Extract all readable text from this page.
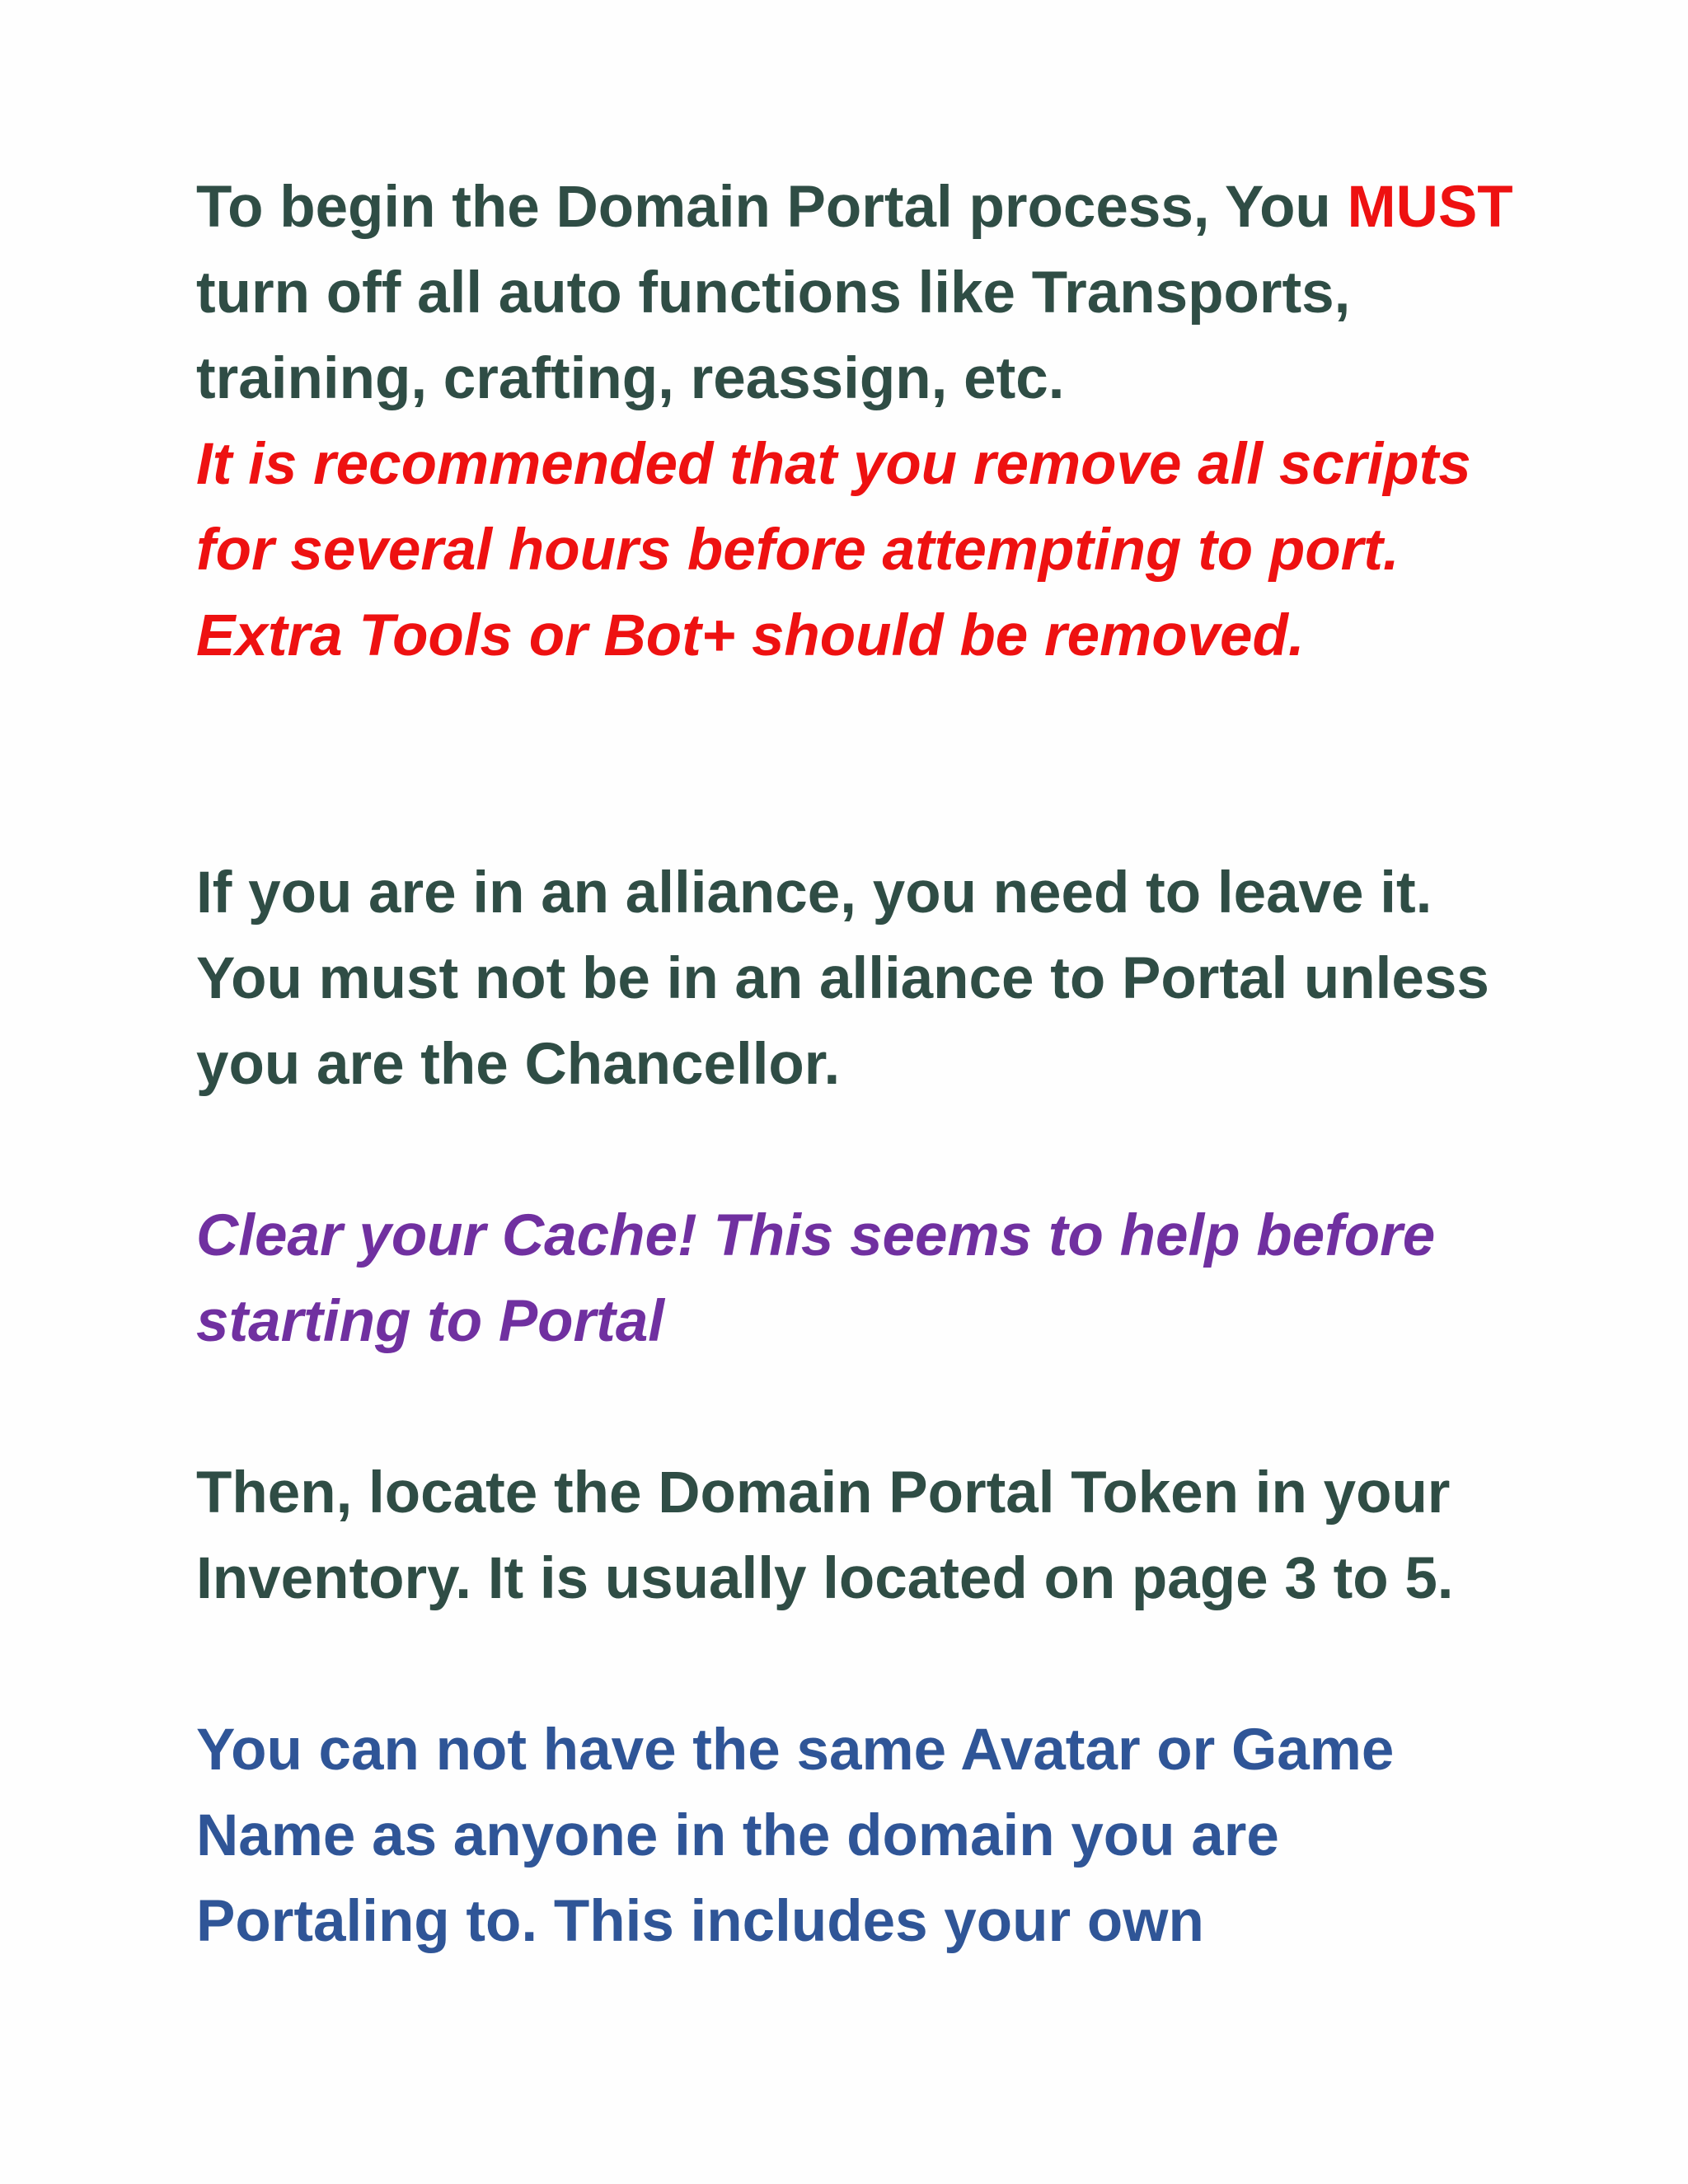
To begin the Domain Portal process, You MUST turn off all auto functions like Transports, training, crafting, reassign, etc.

It is recommended that you remove all scripts for several hours before attempting to port. Extra Tools or Bot+ should be removed.

If you are in an alliance, you need to leave it. You must not be in an alliance to Portal unless you are the Chancellor.

Clear your Cache! This seems to help before starting to Portal

Then, locate the Domain Portal Token in your Inventory. It is usually located on page 3 to 5.

You can not have the same Avatar or Game Name as anyone in the domain you are Portaling to. This includes your own
